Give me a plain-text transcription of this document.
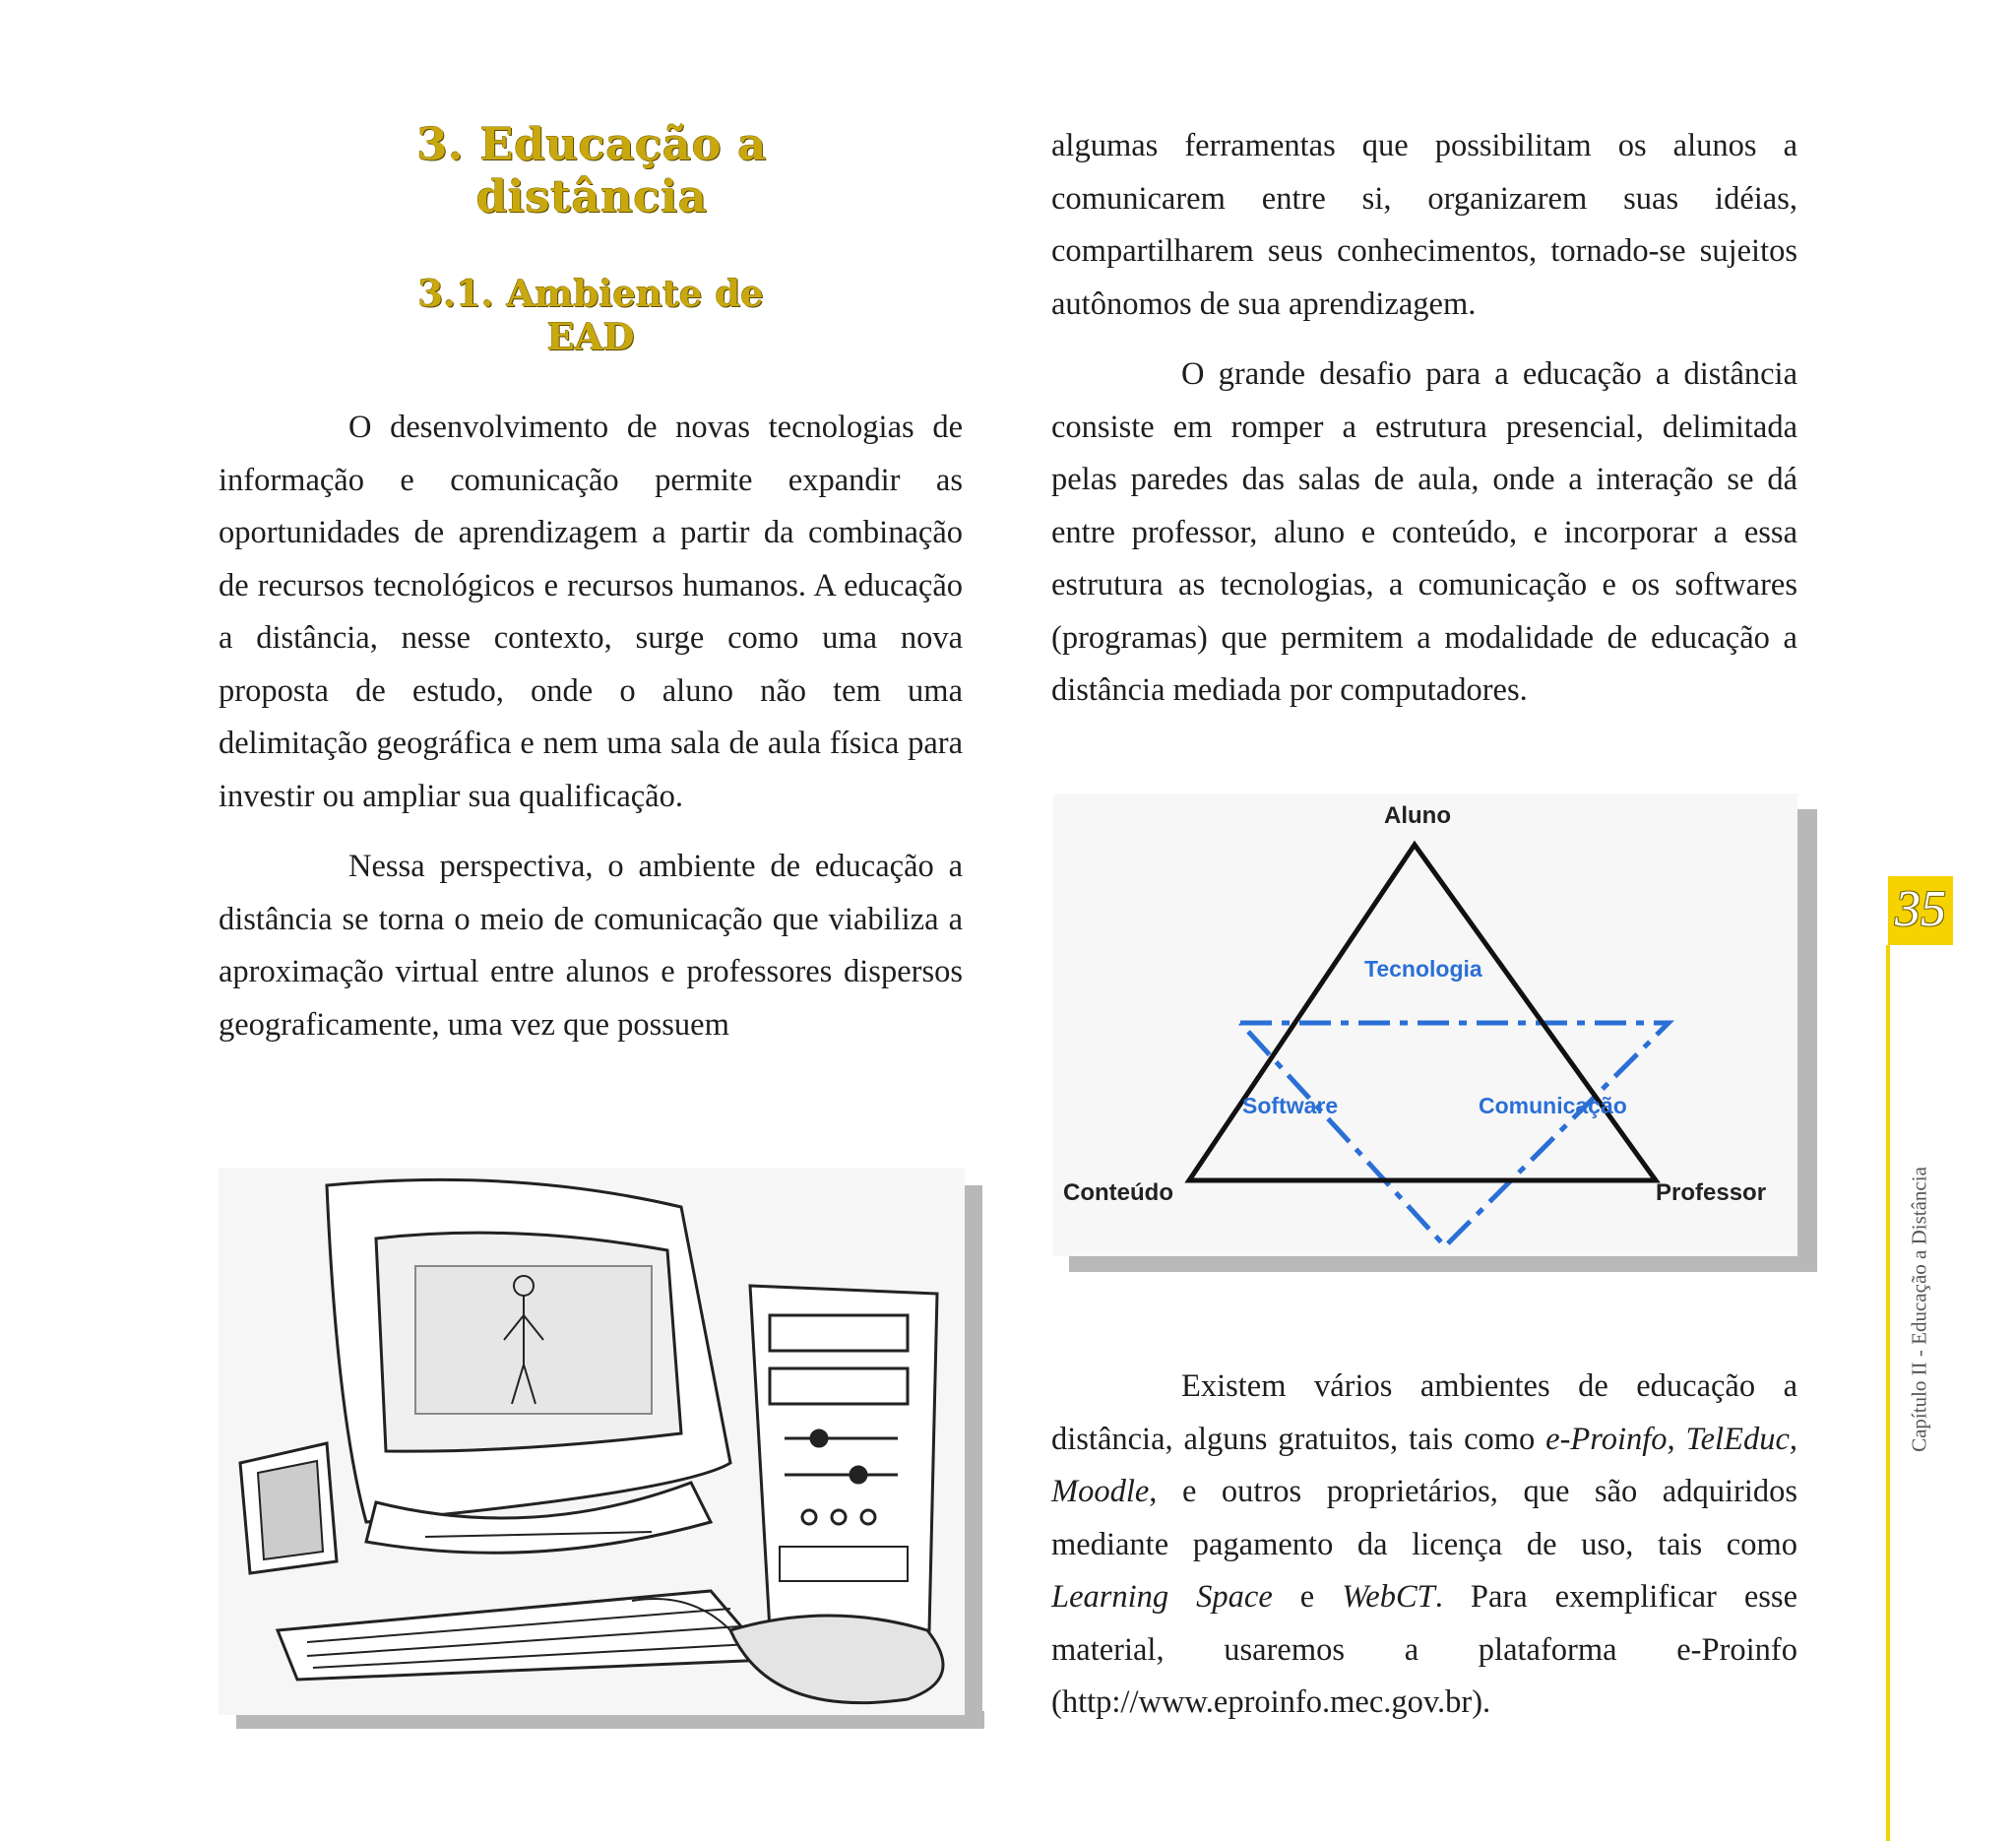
3. Educação a distância
3.1. Ambiente de EAD

O desenvolvimento de novas tecnologias de informação e comunicação permite expandir as oportunidades de aprendizagem a partir da combinação de recursos tecnológicos e recursos humanos. A educação a distância, nesse contexto, surge como uma nova proposta de estudo, onde o aluno não tem uma delimitação geográfica e nem uma sala de aula física para investir ou ampliar sua qualificação.

Nessa perspectiva, o ambiente de educação a distância se torna o meio de comunicação que viabiliza a aproximação virtual entre alunos e professores dispersos geograficamente, uma vez que possuem

algumas ferramentas que possibilitam os alunos a comunicarem entre si, organizarem suas idéias, compartilharem seus conhecimentos, tornado-se sujeitos autônomos de sua aprendizagem.

O grande desafio para a educação a distância consiste em romper a estrutura presencial, delimitada pelas paredes das salas de aula, onde a interação se dá entre professor, aluno e conteúdo, e incorporar a essa estrutura as tecnologias, a comunicação e os softwares (programas) que permitem a modalidade de educação a distância mediada por computadores.

Existem vários ambientes de educação a distância, alguns gratuitos, tais como e-Proinfo, TelEduc, Moodle, e outros proprietários, que são adquiridos mediante pagamento da licença de uso, tais como Learning Space e WebCT. Para exemplificar esse material, usaremos a plataforma e-Proinfo (http://www.eproinfo.mec.gov.br).

Aluno
Conteúdo	Professor
Tecnologia
Software	Comunicação
35
Capítulo II - Educação a Distância
